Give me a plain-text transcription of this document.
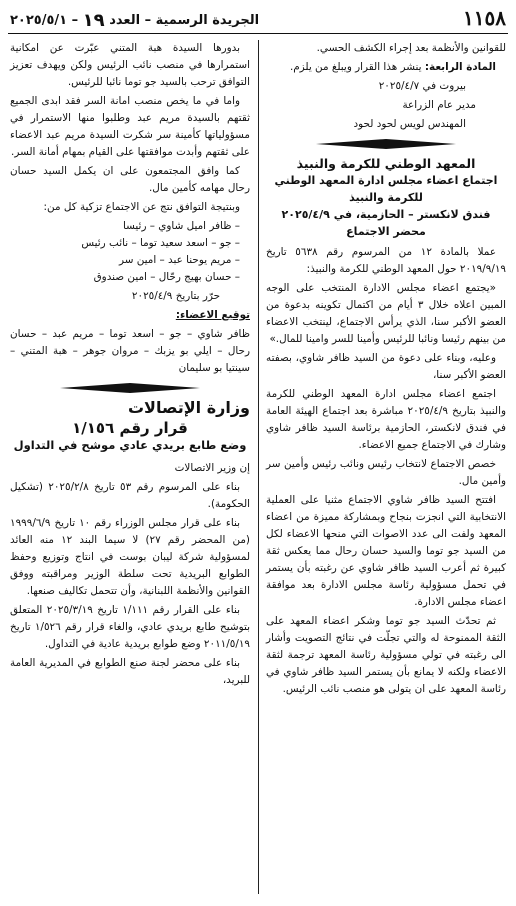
١١٥٨
الجريدة الرسمية – العدد ١٩ – ٢٠٢٥/٥/١

للقوانين والأنظمة بعد إجراء الكشف الحسي.

المادة الرابعة: ينشر هذا القرار ويبلغ من يلزم.

بيروت في ٢٠٢٥/٤/٧

مدير عام الزراعة

المهندس لويس لحود لحود

المعهد الوطني للكرمة والنبيذ
اجتماع اعضاء مجلس ادارة المعهد الوطني للكرمة والنبيذ
فندق لانكستر – الحازمية، في ٢٠٢٥/٤/٩
محضر الاجتماع

عملا بالمادة ١٢ من المرسوم رقم ٥٦٣٨ تاريخ ٢٠١٩/٩/١٩ حول المعهد الوطني للكرمة والنبيذ:

«يجتمع اعضاء مجلس الادارة المنتخب على الوجه المبين اعلاه خلال ٣ أيام من اكتمال تكوينه بدعوة من العضو الأكبر سنا، الذي يرأس الاجتماع، لينتخب الاعضاء من بينهم رئيسا ونائبا للرئيس وأمينا للسر وامينا للمال.»

وعليه، وبناء على دعوة من السيد ظافر شاوي، بصفته العضو الأكبر سنا،

اجتمع اعضاء مجلس ادارة المعهد الوطني للكرمة والنبيذ بتاريخ ٢٠٢٥/٤/٩ مباشرة بعد اجتماع الهيئة العامة في فندق لانكستر، الحازمية برئاسة السيد ظافر شاوي وشارك في الاجتماع جميع الاعضاء.

خصص الاجتماع لانتخاب رئيس ونائب رئيس وأمين سر وأمين مال.

افتتح السيد ظافر شاوي الاجتماع مثنيا على العملية الانتخابية التي انجزت بنجاح وبمشاركة مميزة من اعضاء المعهد ولفت الى عدد الاصوات التي منحها الاعضاء لكل من السيد جو توما والسيد حسان رحال مما يعكس ثقة كبيرة ثم أعرب السيد ظافر شاوي عن رغبته بأن يستمر في تحمل مسؤولية رئاسة مجلس الادارة بعد موافقة اعضاء مجلس الادارة.

ثم تحدّث السيد جو توما وشكر اعضاء المعهد على الثقة الممنوحة له والتي تجلّت في نتائج التصويت وأشار الى رغبته في تولي مسؤولية رئاسة المعهد ترجمة لثقة الاعضاء ولكنه لا يمانع بأن يستمر السيد ظافر شاوي في رئاسة المعهد على ان يتولى هو منصب نائب الرئيس.

بدورها السيدة هبة المتني عبّرت عن امكانية استمرارها في منصب نائب الرئيس ولكن ويهدف تعزيز التوافق ترحب بالسيد جو توما نائبا للرئيس.

واما في ما يخص منصب امانة السر فقد ابدى الجميع ثقتهم بالسيدة مريم عبد وطلبوا منها الاستمرار في مسؤولياتها كأمينة سر شكرت السيدة مريم عبد الاعضاء على ثقتهم وأبدت موافقتها على القيام بمهام أمانة السر.

كما وافق المجتمعون على ان يكمل السيد حسان رحال مهامه كأمين مال.

وبنتيجة التوافق نتج عن الاجتماع تزكية كل من:

– ظافر اميل شاوي – رئيسا
– جو – اسعد سعيد توما – نائب رئيس
– مريم يوحنا عبد – امين سر
– حسان بهيج رحّال – امين صندوق

حرّر بتاريخ ٢٠٢٥/٤/٩

توقيع الاعضاء:

ظافر شاوي – جو – اسعد توما – مريم عبد – حسان رحال – ايلي بو يزبك – مروان جوهر – هبة المتني – سينتيا بو سليمان

وزارة الإتصالات
قرار رقم ١/١٥٦
وضع طابع بريدي عادي موشح في التداول

إن وزير الاتصالات

بناء على المرسوم رقم ٥٣ تاريخ ٢٠٢٥/٢/٨ (تشكيل الحكومة).

بناء على قرار مجلس الوزراء رقم ١٠ تاريخ ١٩٩٩/٦/٩ (من المحضر رقم ٢٧) لا سيما البند ١٢ منه العائد لمسؤولية شركة ليبان بوست في انتاج وتوزيع وحفظ الطوابع البريدية تحت سلطة الوزير ومراقبته ووفق القوانين والأنظمة اللبنانية، وأن تتحمل تكاليف صنعها.

بناء على القرار رقم ١/١١١ تاريخ ٢٠٢٥/٣/١٩ المتعلق بتوشيح طابع بريدي عادي، والغاء قرار رقم ١/٥٢٦ تاريخ ٢٠١١/٥/١٩ وضع طوابع بريدية عادية في التداول.

بناء على محضر لجنة صنع الطوابع في المديرية العامة للبريد،
